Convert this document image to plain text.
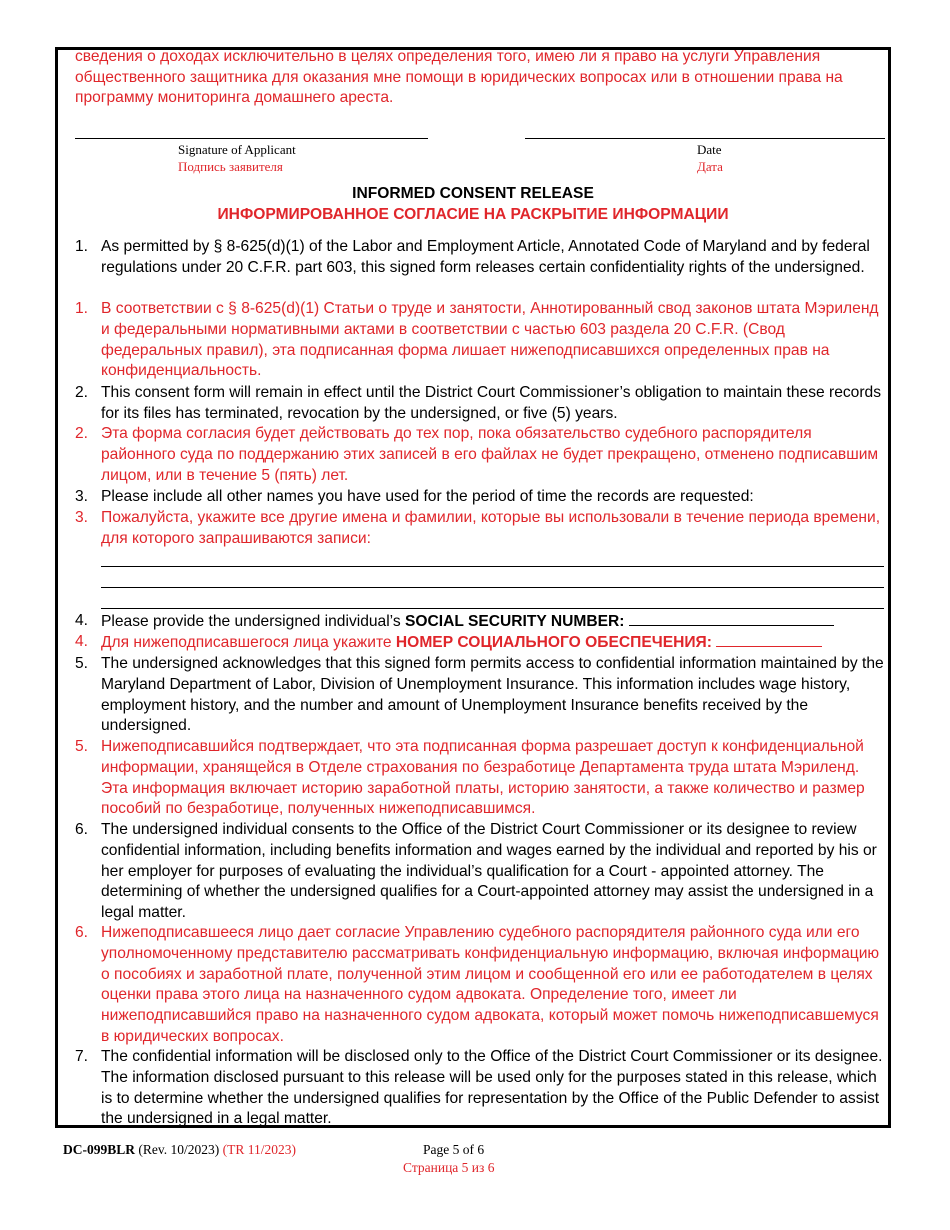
сведения о доходах исключительно в целях определения того, имею ли я право на услуги Управления общественного защитника для оказания мне помощи в юридических вопросах или в отношении права на программу мониторинга домашнего ареста.
Signature of Applicant
Подпись заявителя
Date
Дата
INFORMED CONSENT RELEASE
ИНФОРМИРОВАННОЕ СОГЛАСИЕ НА РАСКРЫТИЕ ИНФОРМАЦИИ
1. As permitted by § 8-625(d)(1) of the Labor and Employment Article, Annotated Code of Maryland and by federal regulations under 20 C.F.R. part 603, this signed form releases certain confidentiality rights of the undersigned.
1. В соответствии с § 8-625(d)(1) Статьи о труде и занятости, Аннотированный свод законов штата Мэриленд и федеральными нормативными актами в соответствии с частью 603 раздела 20 C.F.R. (Свод федеральных правил), эта подписанная форма лишает нижеподписавшихся определенных прав на конфиденциальность.
2. This consent form will remain in effect until the District Court Commissioner’s obligation to maintain these records for its files has terminated, revocation by the undersigned, or five (5) years.
2. Эта форма согласия будет действовать до тех пор, пока обязательство судебного распорядителя районного суда по поддержанию этих записей в его файлах не будет прекращено, отменено подписавшим лицом, или в течение 5 (пять) лет.
3. Please include all other names you have used for the period of time the records are requested:
3. Пожалуйста, укажите все другие имена и фамилии, которые вы использовали в течение периода времени, для которого запрашиваются записи:
4. Please provide the undersigned individual’s SOCIAL SECURITY NUMBER:
4. Для нижеподписавшегося лица укажите НОМЕР СОЦИАЛЬНОГО ОБЕСПЕЧЕНИЯ:
5. The undersigned acknowledges that this signed form permits access to confidential information maintained by the Maryland Department of Labor, Division of Unemployment Insurance. This information includes wage history, employment history, and the number and amount of Unemployment Insurance benefits received by the undersigned.
5. Нижеподписавшийся подтверждает, что эта подписанная форма разрешает доступ к конфиденциальной информации, хранящейся в Отделе страхования по безработице Департамента труда штата Мэриленд. Эта информация включает историю заработной платы, историю занятости, а также количество и размер пособий по безработице, полученных нижеподписавшимся.
6. The undersigned individual consents to the Office of the District Court Commissioner or its designee to review confidential information, including benefits information and wages earned by the individual and reported by his or her employer for purposes of evaluating the individual’s qualification for a Court - appointed attorney. The determining of whether the undersigned qualifies for a Court-appointed attorney may assist the undersigned in a legal matter.
6. Нижеподписавшееся лицо дает согласие Управлению судебного распорядителя районного суда или его уполномоченному представителю рассматривать конфиденциальную информацию, включая информацию о пособиях и заработной плате, полученной этим лицом и сообщенной его или ее работодателем в целях оценки права этого лица на назначенного судом адвоката. Определение того, имеет ли нижеподписавшийся право на назначенного судом адвоката, который может помочь нижеподписавшемуся в юридических вопросах.
7. The confidential information will be disclosed only to the Office of the District Court Commissioner or its designee. The information disclosed pursuant to this release will be used only for the purposes stated in this release, which is to determine whether the undersigned qualifies for representation by the Office of the Public Defender to assist the undersigned in a legal matter.
DC-099BLR (Rev. 10/2023) (TR 11/2023)	Page 5 of 6
Страница 5 из 6
